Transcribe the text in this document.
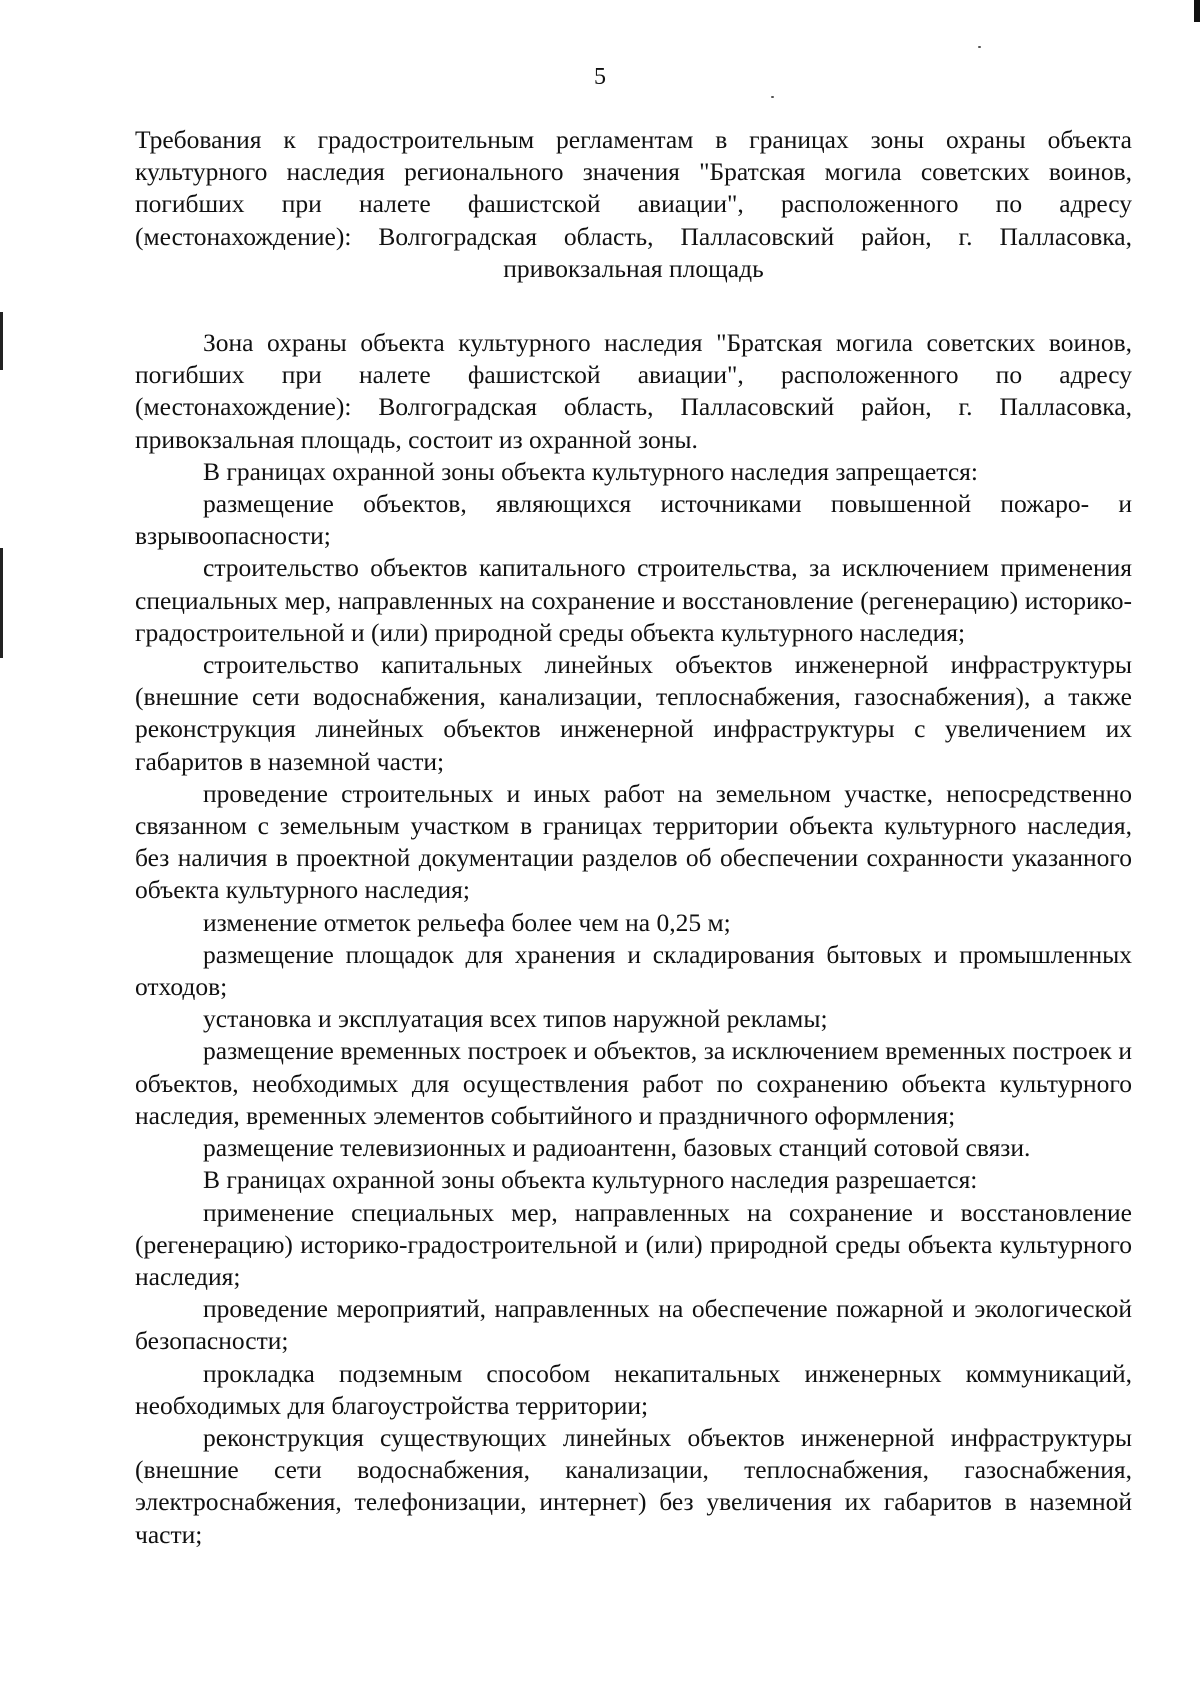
5
Требования к градостроительным регламентам в границах зоны охраны объекта культурного наследия регионального значения "Братская могила советских воинов, погибших при налете фашистской авиации", расположенного по адресу (местонахождение): Волгоградская область, Палласовский район, г. Палласовка, привокзальная площадь

Зона охраны объекта культурного наследия "Братская могила советских воинов, погибших при налете фашистской авиации", расположенного по адресу (местонахождение): Волгоградская область, Палласовский район, г. Палласовка, привокзальная площадь, состоит из охранной зоны.

В границах охранной зоны объекта культурного наследия запрещается:

размещение объектов, являющихся источниками повышенной пожаро- и взрывоопасности;

строительство объектов капитального строительства, за исключением применения специальных мер, направленных на сохранение и восстановление (регенерацию) историко-градостроительной и (или) природной среды объекта культурного наследия;

строительство капитальных линейных объектов инженерной инфраструктуры (внешние сети водоснабжения, канализации, теплоснабжения, газоснабжения), а также реконструкция линейных объектов инженерной инфраструктуры с увеличением их габаритов в наземной части;

проведение строительных и иных работ на земельном участке, непосредственно связанном с земельным участком в границах территории объекта культурного наследия, без наличия в проектной документации разделов об обеспечении сохранности указанного объекта культурного наследия;

изменение отметок рельефа более чем на 0,25 м;

размещение площадок для хранения и складирования бытовых и промышленных отходов;

установка и эксплуатация всех типов наружной рекламы;

размещение временных построек и объектов, за исключением временных построек и объектов, необходимых для осуществления работ по сохранению объекта культурного наследия, временных элементов событийного и праздничного оформления;

размещение телевизионных и радиоантенн, базовых станций сотовой связи.

В границах охранной зоны объекта культурного наследия разрешается:

применение специальных мер, направленных на сохранение и восстановление (регенерацию) историко-градостроительной и (или) природной среды объекта культурного наследия;

проведение мероприятий, направленных на обеспечение пожарной и экологической безопасности;

прокладка подземным способом некапитальных инженерных коммуникаций, необходимых для благоустройства территории;

реконструкция существующих линейных объектов инженерной инфраструктуры (внешние сети водоснабжения, канализации, теплоснабжения, газоснабжения, электроснабжения, телефонизации, интернет) без увеличения их габаритов в наземной части;
